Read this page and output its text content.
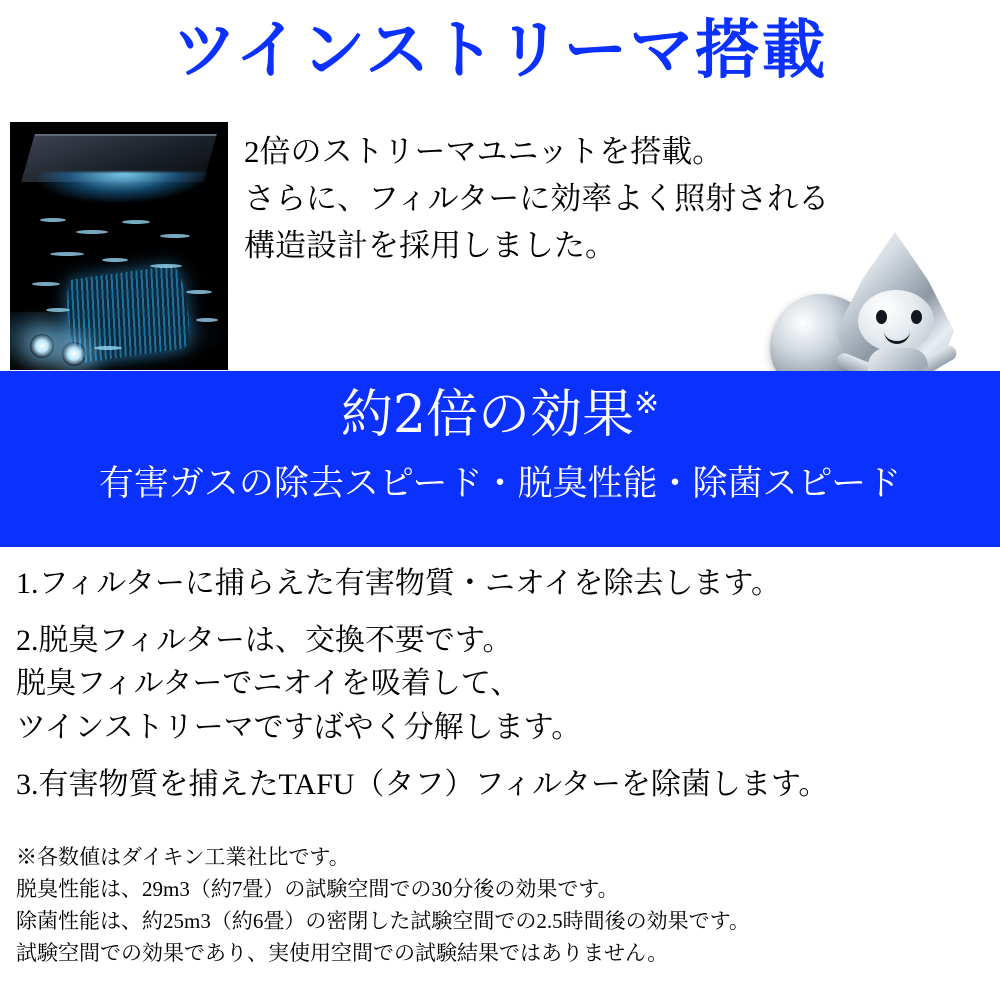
ツインストリーマ搭載
2倍のストリーマユニットを搭載。
さらに、フィルターに効率よく照射される
構造設計を採用しました。
約2倍の効果※
有害ガスの除去スピード・脱臭性能・除菌スピード
1.フィルターに捕らえた有害物質・ニオイを除去します。
2.脱臭フィルターは、交換不要です。
脱臭フィルターでニオイを吸着して、
ツインストリーマですばやく分解します。
3.有害物質を捕えたTAFU（タフ）フィルターを除菌します。
※各数値はダイキン工業社比です。
脱臭性能は、29m3（約7畳）の試験空間での30分後の効果です。
除菌性能は、約25m3（約6畳）の密閉した試験空間での2.5時間後の効果です。
試験空間での効果であり、実使用空間での試験結果ではありません。
